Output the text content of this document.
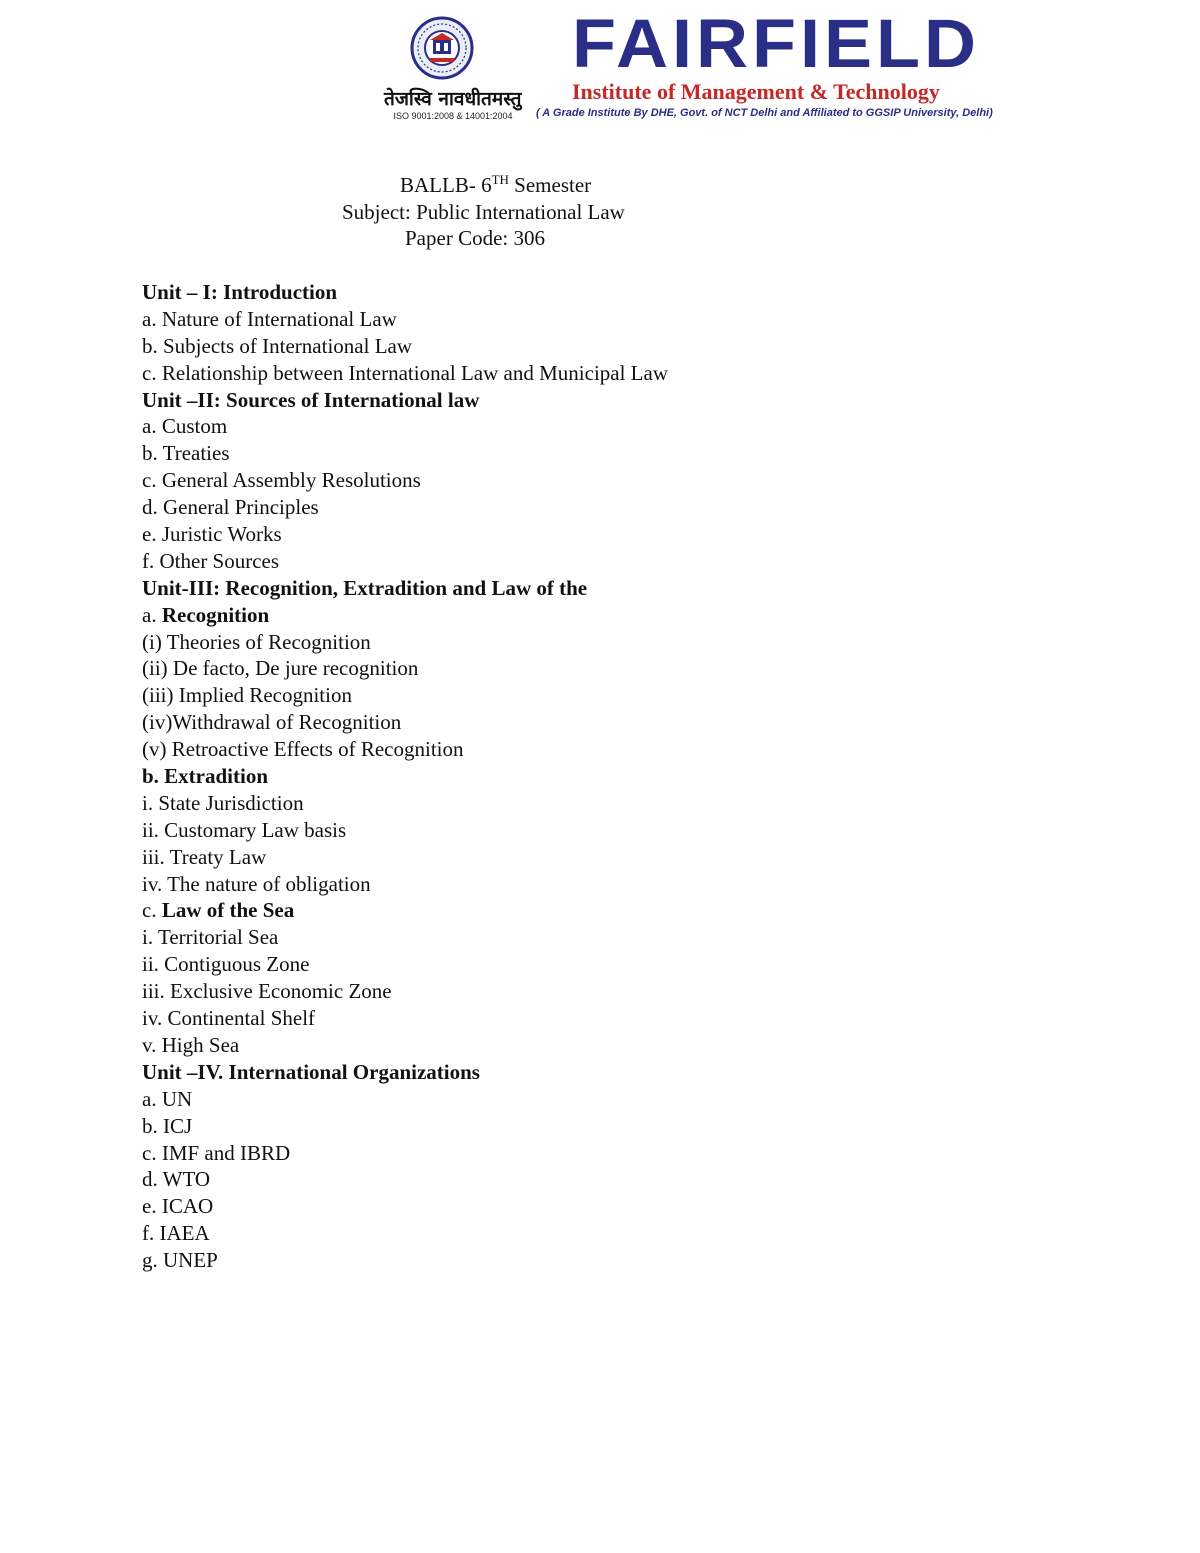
तेजस्वि नावधीतमस्तु
ISO 9001:2008 & 14001:2004
FAIRFIELD
Institute of Management & Technology
( A Grade Institute By DHE, Govt. of NCT Delhi and Affiliated to GGSIP University, Delhi)
BALLB- 6TH Semester
Subject: Public International Law
Paper Code: 306
Unit – I: Introduction
a. Nature of International Law
b. Subjects of International Law
c. Relationship between International Law and Municipal Law
Unit –II: Sources of International law
a. Custom
b. Treaties
c. General Assembly Resolutions
d. General Principles
e. Juristic Works
f. Other Sources
Unit-III: Recognition, Extradition and Law of the
a. Recognition
(i) Theories of Recognition
(ii) De facto, De jure recognition
(iii) Implied Recognition
(iv)Withdrawal of Recognition
(v) Retroactive Effects of Recognition
b. Extradition
i. State Jurisdiction
ii. Customary Law basis
iii. Treaty Law
iv. The nature of obligation
c. Law of the Sea
i. Territorial Sea
ii. Contiguous Zone
iii. Exclusive Economic Zone
iv. Continental Shelf
v. High Sea
Unit –IV. International Organizations
a. UN
b. ICJ
c. IMF and IBRD
d. WTO
e. ICAO
f. IAEA
g. UNEP
